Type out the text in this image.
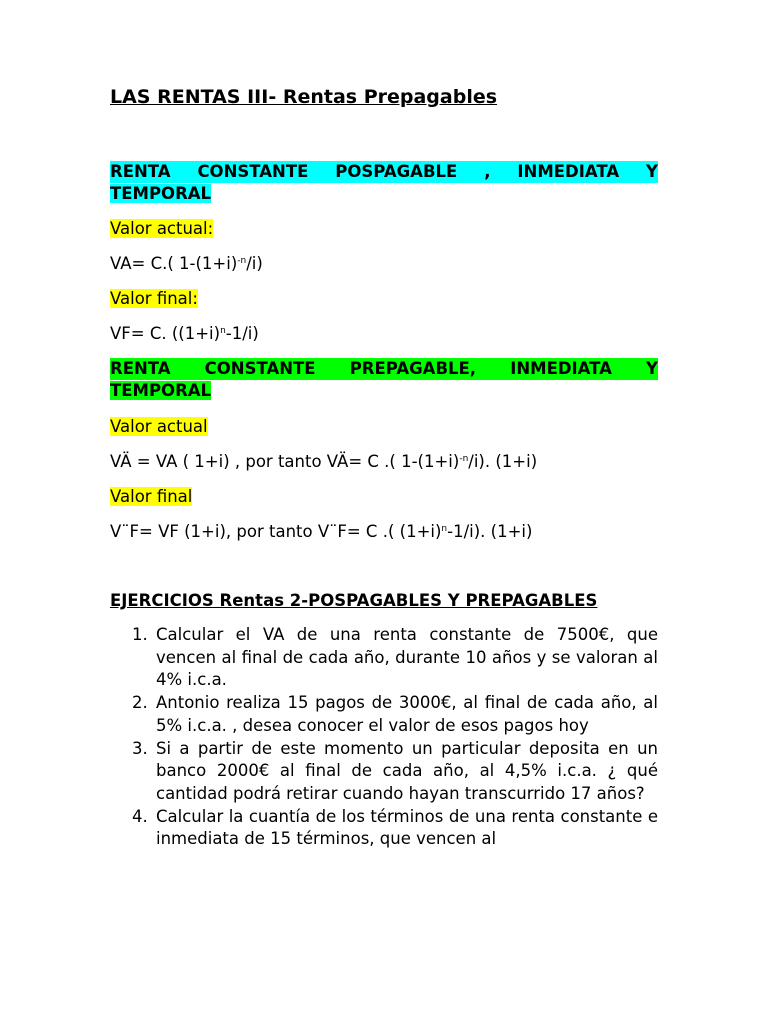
LAS RENTAS III- Rentas Prepagables
RENTA CONSTANTE POSPAGABLE , INMEDIATA Y
TEMPORAL
Valor actual:
VA= C.( $1-(1+i)^{-n}/i$)
Valor final:
VF= C. $((1+i)^n-1/i)$
RENTA CONSTANTE PREPAGABLE, INMEDIATA Y
TEMPORAL
Valor actual
VÄ = VA ( 1+i) , por tanto VÄ= C .( $1-(1+i)^{-n}/i$). (1+i)
Valor final
V¨F= VF (1+i), por tanto V¨F= C .( $(1+i)^n-1/i$). (1+i)
EJERCICIOS Rentas 2-POSPAGABLES Y PREPAGABLES
1. Calcular el VA de una renta constante de 7500€, que vencen al final de cada año, durante 10 años y se valoran al 4% i.c.a.
2. Antonio realiza 15 pagos de 3000€, al final de cada año, al 5% i.c.a. , desea conocer el valor de esos pagos hoy
3. Si a partir de este momento un particular deposita en un banco 2000€ al final de cada año, al 4,5% i.c.a. ¿ qué cantidad podrá retirar cuando hayan transcurrido 17 años?
4. Calcular la cuantía de los términos de una renta constante e inmediata de 15 términos, que vencen al
